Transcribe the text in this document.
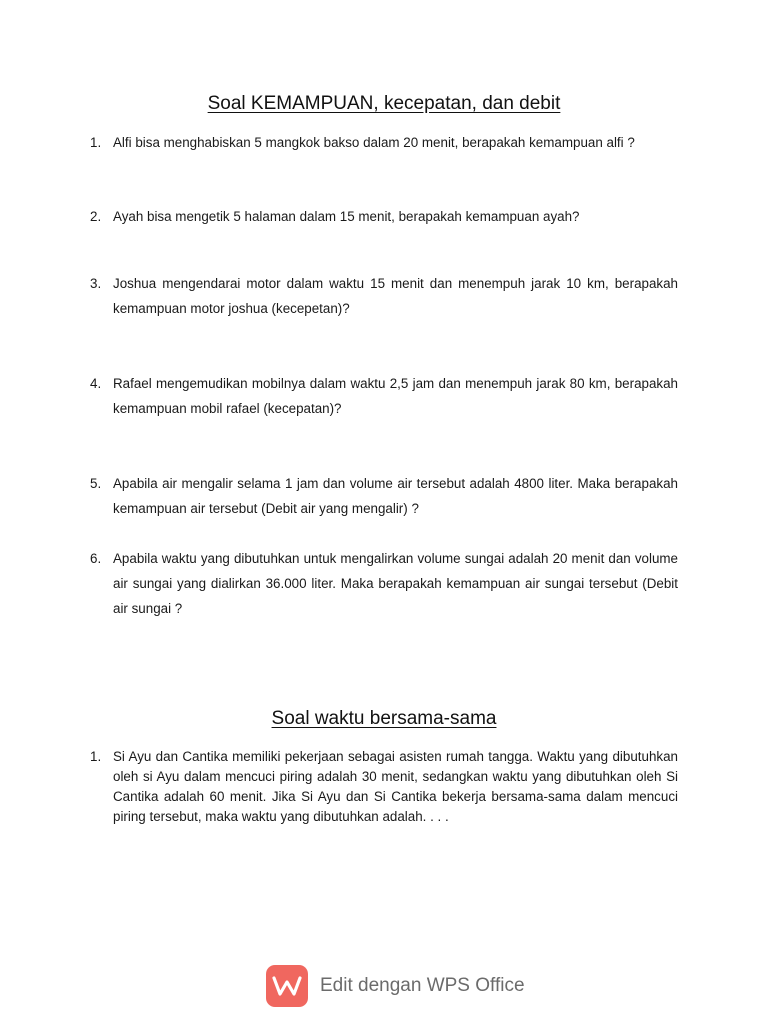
Soal KEMAMPUAN, kecepatan, dan debit
1. Alfi bisa menghabiskan 5 mangkok bakso dalam 20 menit, berapakah kemampuan alfi ?
2. Ayah bisa mengetik 5 halaman dalam 15 menit, berapakah kemampuan ayah?
3. Joshua mengendarai motor dalam waktu 15 menit dan menempuh jarak 10 km, berapakah kemampuan motor joshua (kecepetan)?
4. Rafael mengemudikan mobilnya dalam waktu 2,5 jam dan menempuh jarak 80 km, berapakah kemampuan mobil rafael (kecepatan)?
5. Apabila air mengalir selama 1 jam dan volume air tersebut adalah 4800 liter. Maka berapakah kemampuan air tersebut (Debit air yang mengalir) ?
6. Apabila waktu yang dibutuhkan untuk mengalirkan volume sungai adalah 20 menit dan volume air sungai yang dialirkan 36.000 liter. Maka berapakah kemampuan air sungai tersebut (Debit air sungai ?
Soal waktu bersama-sama
1. Si Ayu dan Cantika memiliki pekerjaan sebagai asisten rumah tangga. Waktu yang dibutuhkan oleh si Ayu dalam mencuci piring adalah 30 menit, sedangkan waktu yang dibutuhkan oleh Si Cantika adalah 60 menit. Jika Si Ayu dan Si Cantika bekerja bersama-sama dalam mencuci piring tersebut, maka waktu yang dibutuhkan adalah. . . .
Edit dengan WPS Office
